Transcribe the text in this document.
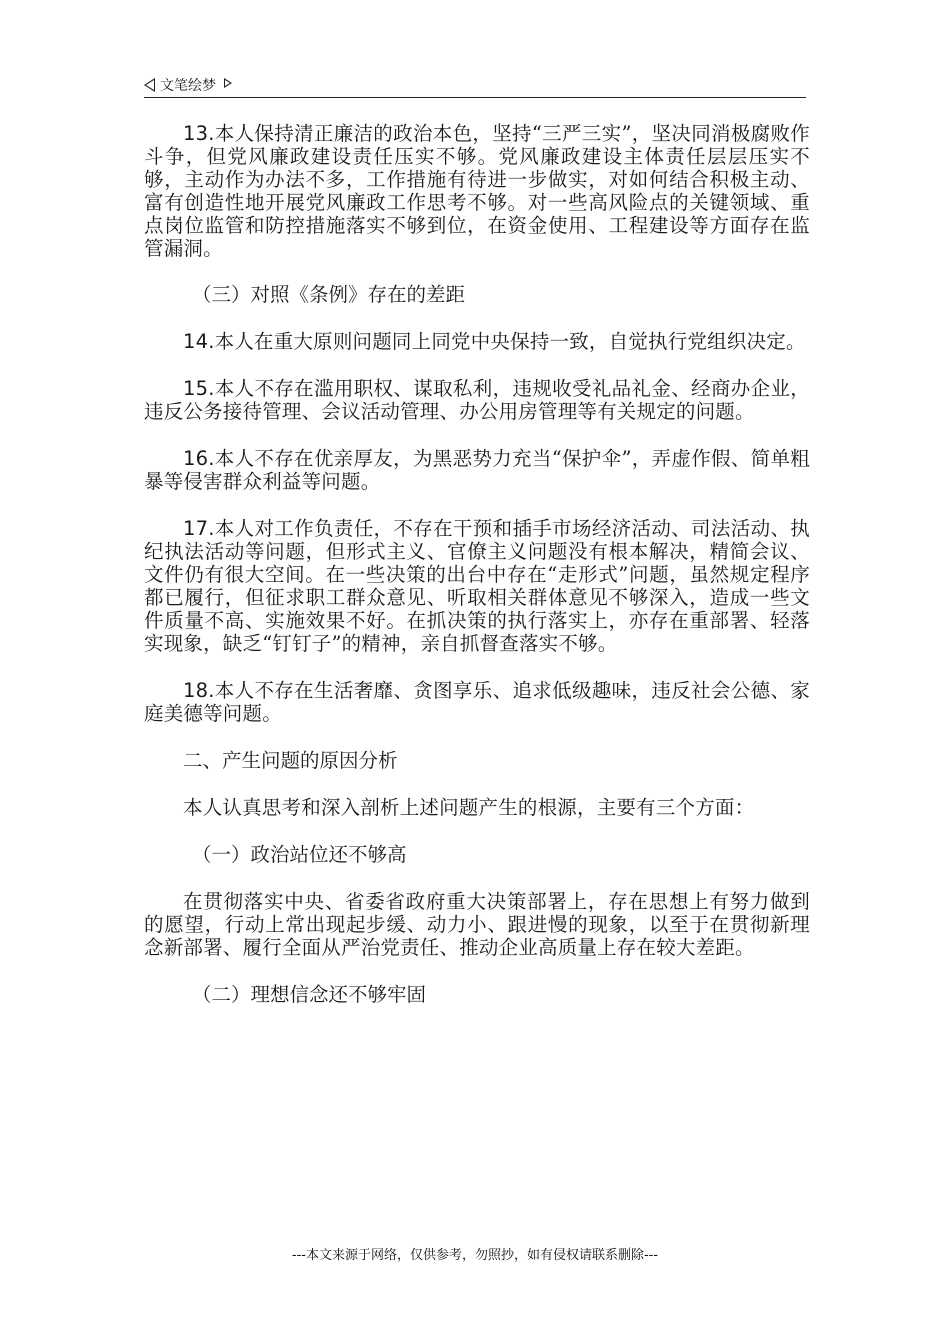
文笔绘梦

13.本人保持清正廉洁的政治本色，坚持“三严三实”，坚决同消极腐败作斗争，但党风廉政建设责任压实不够。党风廉政建设主体责任层层压实不够，主动作为办法不多，工作措施有待进一步做实，对如何结合积极主动、富有创造性地开展党风廉政工作思考不够。对一些高风险点的关键领域、重点岗位监管和防控措施落实不够到位，在资金使用、工程建设等方面存在监管漏洞。

（三）对照《条例》存在的差距

14.本人在重大原则问题同上同党中央保持一致，自觉执行党组织决定。

15.本人不存在滥用职权、谋取私利，违规收受礼品礼金、经商办企业，违反公务接待管理、会议活动管理、办公用房管理等有关规定的问题。

16.本人不存在优亲厚友，为黑恶势力充当“保护伞”，弄虚作假、简单粗暴等侵害群众利益等问题。

17.本人对工作负责任，不存在干预和插手市场经济活动、司法活动、执纪执法活动等问题，但形式主义、官僚主义问题没有根本解决，精简会议、文件仍有很大空间。在一些决策的出台中存在“走形式”问题，虽然规定程序都已履行，但征求职工群众意见、听取相关群体意见不够深入，造成一些文件质量不高、实施效果不好。在抓决策的执行落实上，亦存在重部署、轻落实现象，缺乏“钉钉子”的精神，亲自抓督查落实不够。

18.本人不存在生活奢靡、贪图享乐、追求低级趣味，违反社会公德、家庭美德等问题。

二、产生问题的原因分析

本人认真思考和深入剖析上述问题产生的根源，主要有三个方面：

（一）政治站位还不够高

在贯彻落实中央、省委省政府重大决策部署上，存在思想上有努力做到的愿望，行动上常出现起步缓、动力小、跟进慢的现象，以至于在贯彻新理念新部署、履行全面从严治党责任、推动企业高质量上存在较大差距。

（二）理想信念还不够牢固

---本文来源于网络，仅供参考，勿照抄，如有侵权请联系删除---
